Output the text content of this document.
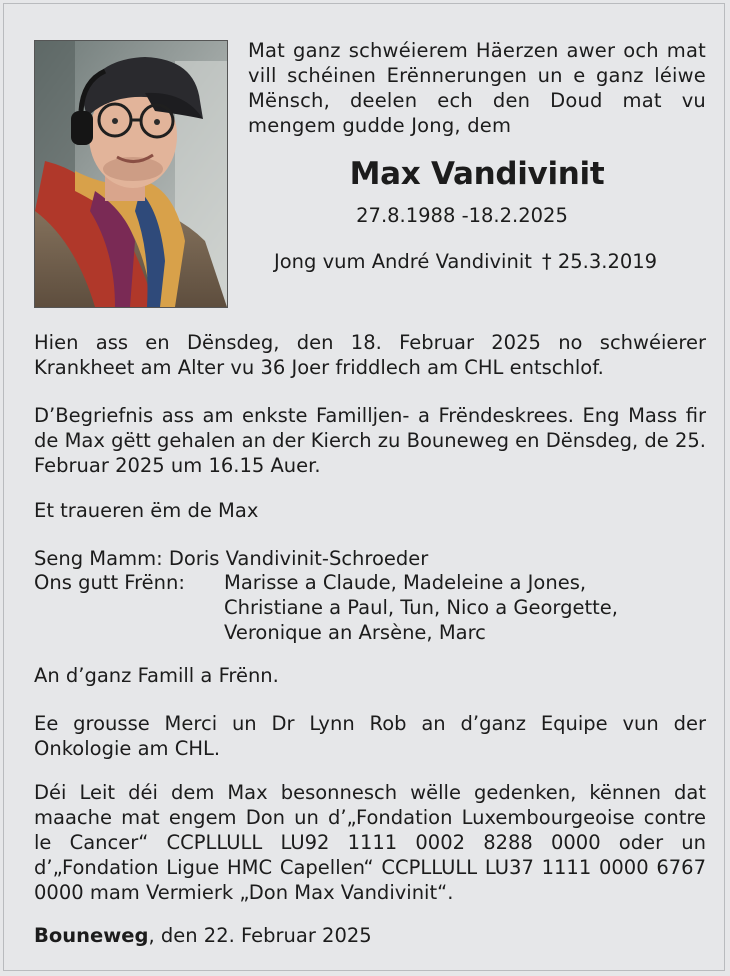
Mat ganz schwéierem Häerzen awer och mat vill schéinen Erënnerungen un e ganz léiwe Mënsch, deelen ech den Doud mat vu mengem gudde Jong, dem
Max Vandivinit
27.8.1988 -18.2.2025
Jong vum André Vandivinit † 25.3.2019
Hien ass en Dënsdeg, den 18. Februar 2025 no schwéierer Krankheet am Alter vu 36 Joer friddlech am CHL entschlof.
D’Begriefnis ass am enkste Familljen- a Frëndeskrees. Eng Mass fir de Max gëtt gehalen an der Kierch zu Bouneweg en Dënsdeg, de 25. Februar 2025 um 16.15 Auer.
Et traueren ëm de Max
Seng Mamm: Doris Vandivinit-Schroeder
Ons gutt Frënn: Marisse a Claude, Madeleine a Jones,
Christiane a Paul, Tun, Nico a Georgette,
Veronique an Arsène, Marc
An d’ganz Famill a Frënn.
Ee grousse Merci un Dr Lynn Rob an d’ganz Equipe vun der Onkologie am CHL.
Déi Leit déi dem Max besonnesch wëlle gedenken, kënnen dat maache mat engem Don un d’„Fondation Luxembourgeoise contre le Cancer“ CCPLLULL LU92 1111 0002 8288 0000 oder un d’„Fondation Ligue HMC Capellen“ CCPLLULL LU37 1111 0000 6767 0000 mam Vermierk „Don Max Vandivinit“.
Bouneweg, den 22. Februar 2025
